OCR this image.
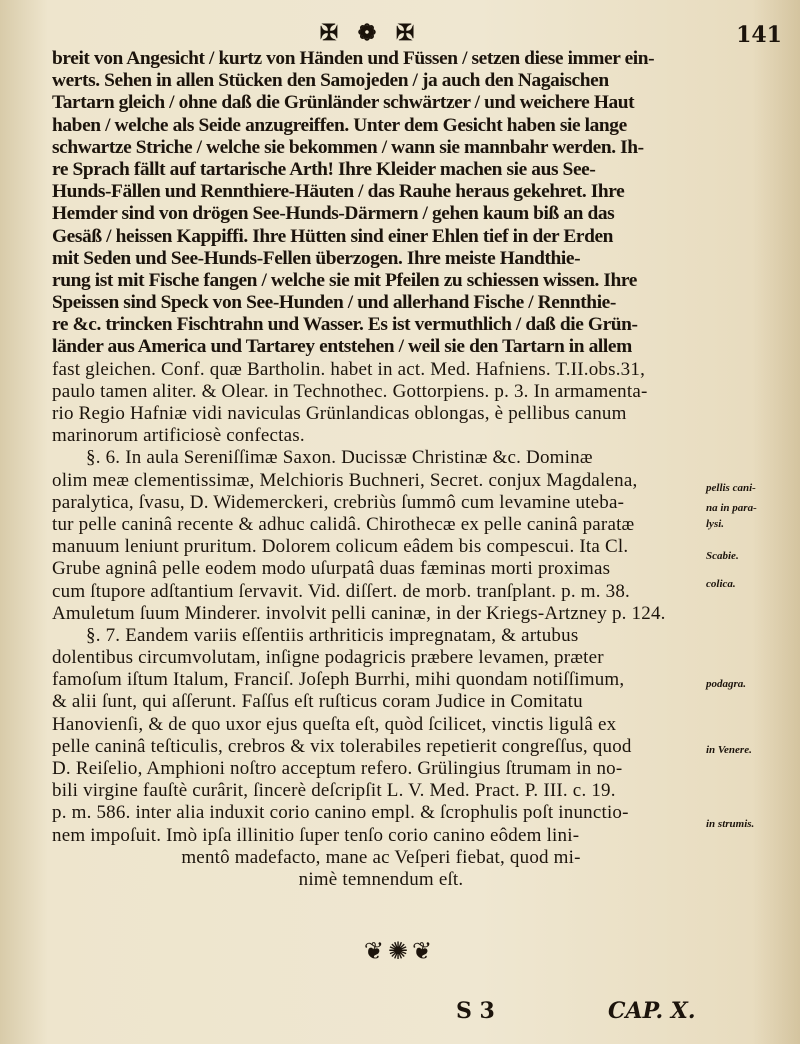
✠ ❁ ✠	141
breit von Angesicht / kurtz von Händen und Füssen / setzen diese immer ein-
werts. Sehen in allen Stücken den Samojeden / ja auch den Nagaischen
Tartarn gleich / ohne daß die Grünländer schwärtzer / und weichere Haut
haben / welche als Seide anzugreiffen. Unter dem Gesicht haben sie lange
schwartze Striche / welche sie bekommen / wann sie mannbahr werden. Ih-
re Sprach fällt auf tartarische Arth! Ihre Kleider machen sie aus See-
Hunds-Fällen und Rennthiere-Häuten / das Rauhe heraus gekehret. Ihre
Hemder sind von drögen See-Hunds-Därmern / gehen kaum biß an das
Gesäß / heissen Kappiffi. Ihre Hütten sind einer Ehlen tief in der Erden
mit Seden und See-Hunds-Fellen überzogen. Ihre meiste Handthie-
rung ist mit Fische fangen / welche sie mit Pfeilen zu schiessen wissen. Ihre
Speissen sind Speck von See-Hunden / und allerhand Fische / Rennthie-
re &c. trincken Fischtrahn und Wasser. Es ist vermuthlich / daß die Grün-
länder aus America und Tartarey entstehen / weil sie den Tartarn in allem
fast gleichen. Conf. quæ Bartholin. habet in act. Med. Hafniens. T.II.obs.31,
paulo tamen aliter. & Olear. in Technothec. Gottorpiens. p. 3. In armamenta-
rio Regio Hafniæ vidi naviculas Grünlandicas oblongas, è pellibus canum
marinorum artificiosè confectas.
§. 6. In aula Sereniſſimæ Saxon. Ducissæ Christinæ &c. Dominæ
olim meæ clementissimæ, Melchioris Buchneri, Secret. conjux Magdalena,
paralytica, ſvasu, D. Widemerckeri, crebriùs ſummô cum levamine uteba-
tur pelle caninâ recente & adhuc calidâ. Chirothecæ ex pelle caninâ paratæ
manuum leniunt pruritum. Dolorem colicum eâdem bis compescui. Ita Cl.
Grube agninâ pelle eodem modo uſurpatâ duas fæminas morti proximas
cum ſtupore adſtantium ſervavit. Vid. diſſert. de morb. tranſplant. p. m. 38.
Amuletum ſuum Minderer. involvit pelli caninæ, in der Kriegs-Artzney p. 124.
§. 7. Eandem variis eſſentiis arthriticis impregnatam, & artubus
dolentibus circumvolutam, inſigne podagricis præbere levamen, præter
famoſum iſtum Italum, Franciſ. Joſeph Burrhi, mihi quondam notiſſimum,
& alii ſunt, qui aſſerunt. Faſſus eſt ruſticus coram Judice in Comitatu
Hanovienſi, & de quo uxor ejus queſta eſt, quòd ſcilicet, vinctis ligulâ ex
pelle caninâ teſticulis, crebros & vix tolerabiles repetierit congreſſus, quod
D. Reiſelio, Amphioni noſtro acceptum refero. Grülingius ſtrumam in no-
bili virgine fauſtè curârit, ſincerè deſcripſit L. V. Med. Pract. P. III. c. 19.
p. m. 586. inter alia induxit corio canino empl. & ſcrophulis poſt inunctio-
nem impoſuit. Imò ipſa illinitio ſuper tenſo corio canino eôdem lini-
mentô madefacto, mane ac Veſperi fiebat, quod mi-
nimè temnendum eſt.
pellis cani-
na in para-
lysi.
Scabie.
colica.
podagra.
in Venere.
in strumis.
❦✺❦
S 3	CAP. X.
